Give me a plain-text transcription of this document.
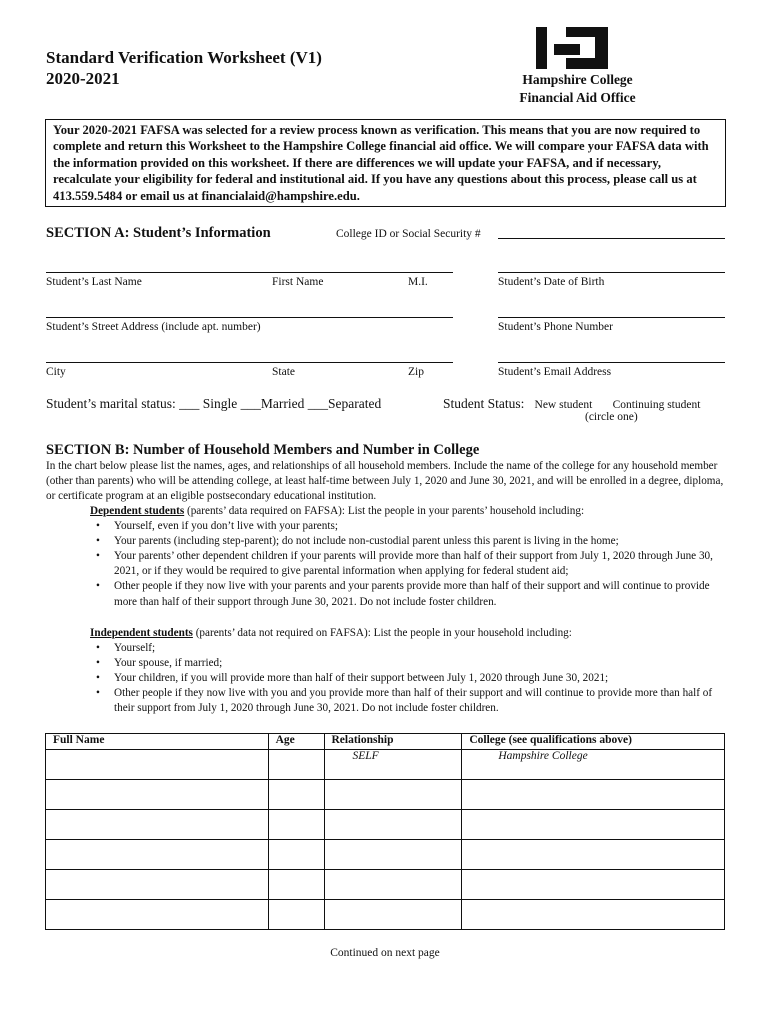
Standard Verification Worksheet (V1)
2020-2021	Hampshire College
Financial Aid Office
Your 2020-2021 FAFSA was selected for a review process known as verification. This means that you are now required to complete and return this Worksheet to the Hampshire College financial aid office. We will compare your FAFSA data with the information provided on this worksheet. If there are differences we will update your FAFSA, and if necessary, recalculate your eligibility for federal and institutional aid. If you have any questions about this process, please call us at 413.559.5484 or email us at financialaid@hampshire.edu.
SECTION A: Student’s Information	College ID or Social Security #
Student’s Last Name	First Name	M.I.	Student’s Date of Birth
Student’s Street Address (include apt. number)	Student’s Phone Number
City	State	Zip	Student’s Email Address
Student’s marital status: ___ Single ___Married ___Separated	Student Status: New student Continuing student
(circle one)
SECTION B: Number of Household Members and Number in College
In the chart below please list the names, ages, and relationships of all household members. Include the name of the college for any household member (other than parents) who will be attending college, at least half-time between July 1, 2020 and June 30, 2021, and will be enrolled in a degree, diploma, or certificate program at an eligible postsecondary educational institution.
Dependent students (parents’ data required on FAFSA): List the people in your parents’ household including:
• Yourself, even if you don’t live with your parents;
• Your parents (including step-parent); do not include non-custodial parent unless this parent is living in the home;
• Your parents’ other dependent children if your parents will provide more than half of their support from July 1, 2020 through June 30, 2021, or if they would be required to give parental information when applying for federal student aid;
• Other people if they now live with your parents and your parents provide more than half of their support and will continue to provide more than half of their support through June 30, 2021. Do not include foster children.
Independent students (parents’ data not required on FAFSA): List the people in your household including:
• Yourself;
• Your spouse, if married;
• Your children, if you will provide more than half of their support between July 1, 2020 through June 30, 2021;
• Other people if they now live with you and you provide more than half of their support and will continue to provide more than half of their support from July 1, 2020 through June 30, 2021. Do not include foster children.
Full Name	Age	Relationship	College (see qualifications above)
		SELF	Hampshire College

Continued on next page
